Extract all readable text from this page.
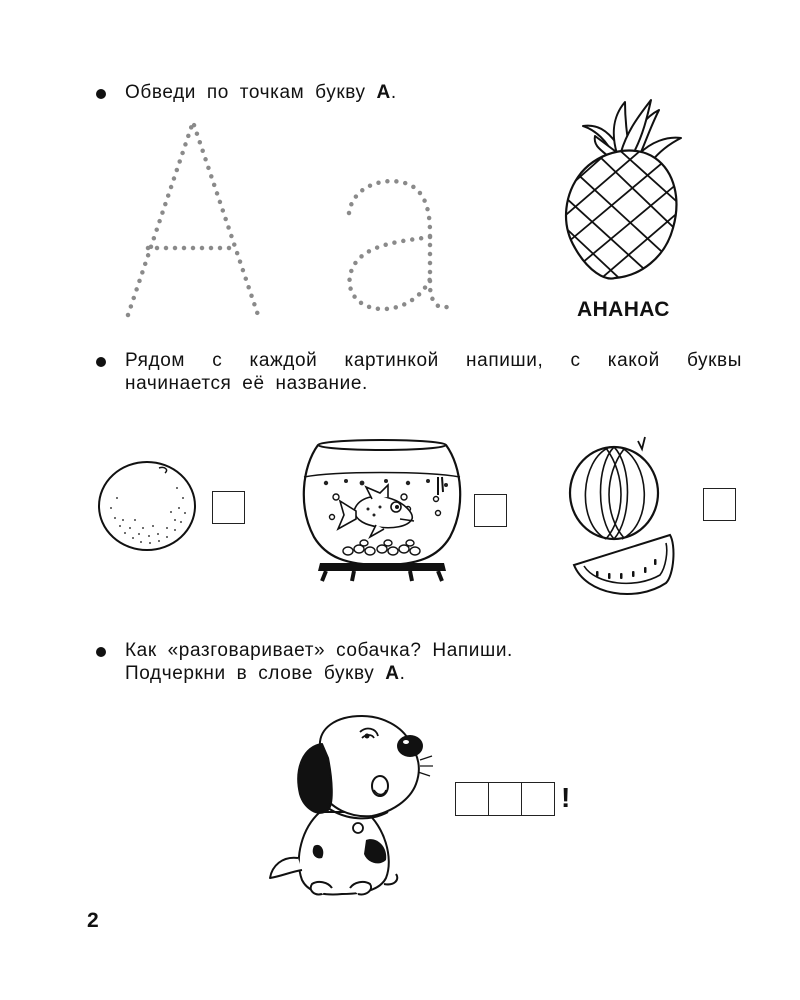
Обведи по точкам букву А.
АНАНАС
Рядом с каждой картинкой напиши, с какой буквы
начинается её название.
Как «разговаривает» собачка? Напиши.
Подчеркни в слове букву А.
!
2
